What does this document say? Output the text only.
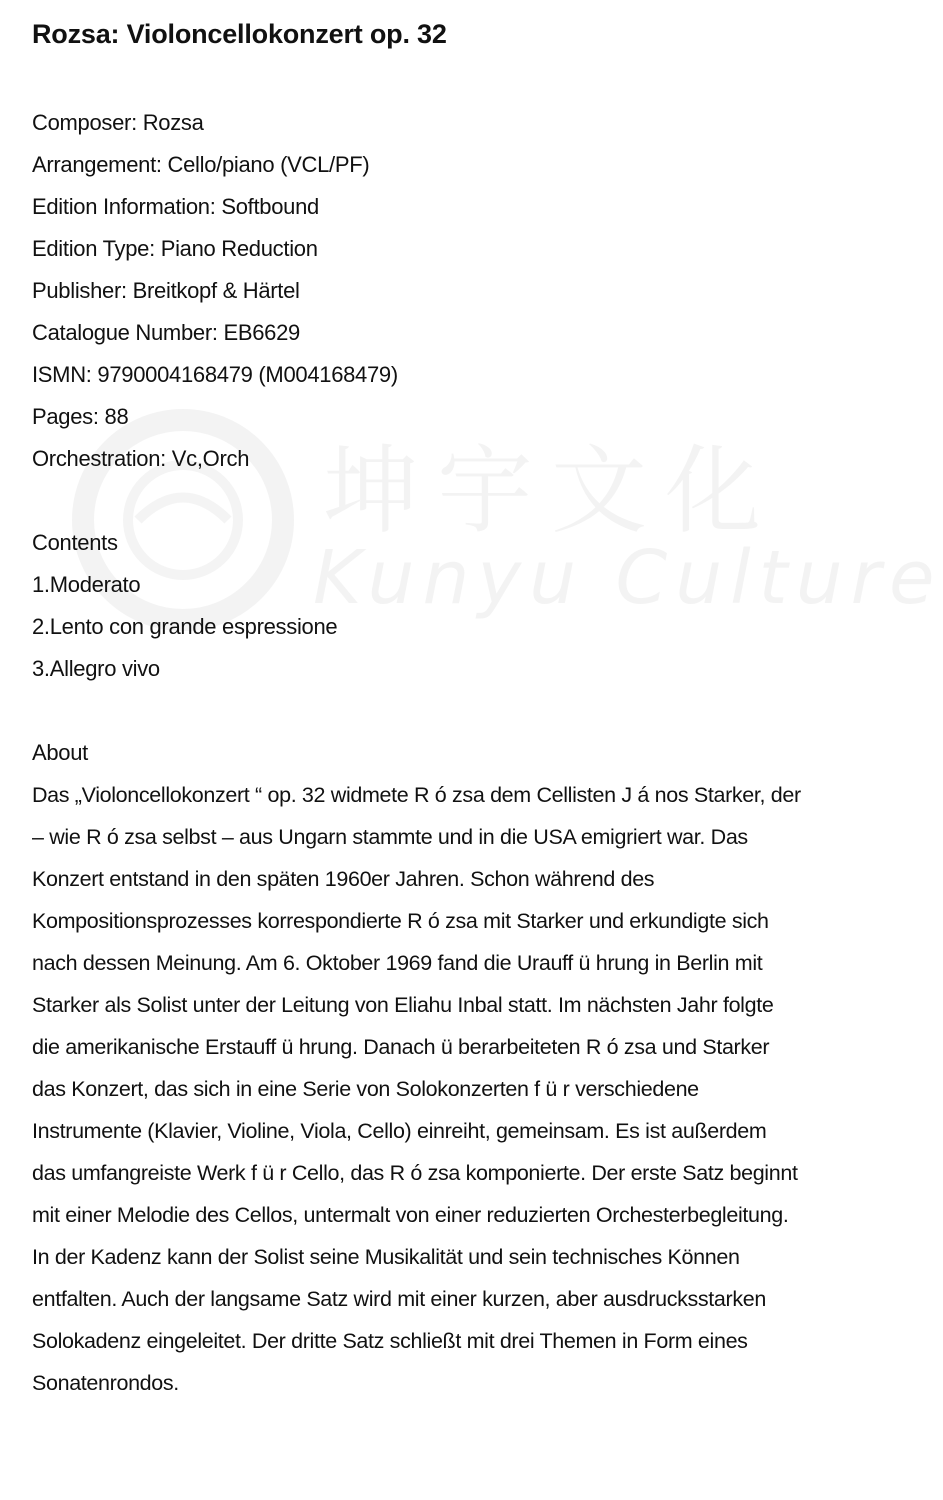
坤宇文化
Kunyu Culture
Rozsa: Violoncellokonzert op. 32
Composer: Rozsa
Arrangement: Cello/piano (VCL/PF)
Edition Information: Softbound
Edition Type: Piano Reduction
Publisher: Breitkopf & Härtel
Catalogue Number: EB6629
ISMN: 9790004168479 (M004168479)
Pages: 88
Orchestration: Vc,Orch
Contents
1.Moderato
2.Lento con grande espressione
3.Allegro vivo
About

Das „Violoncellokonzert “ op. 32 widmete R ó zsa dem Cellisten J á nos Starker, der – wie R ó zsa selbst – aus Ungarn stammte und in die USA emigriert war. Das Konzert entstand in den späten 1960er Jahren. Schon während des Kompositionsprozesses korrespondierte R ó zsa mit Starker und erkundigte sich nach dessen Meinung. Am 6. Oktober 1969 fand die Urauff ü hrung in Berlin mit Starker als Solist unter der Leitung von Eliahu Inbal statt. Im nächsten Jahr folgte die amerikanische Erstauff ü hrung. Danach ü berarbeiteten R ó zsa und Starker das Konzert, das sich in eine Serie von Solokonzerten f ü r verschiedene Instrumente (Klavier, Violine, Viola, Cello) einreiht, gemeinsam. Es ist außerdem das umfangreiste Werk f ü r Cello, das R ó zsa komponierte. Der erste Satz beginnt mit einer Melodie des Cellos, untermalt von einer reduzierten Orchesterbegleitung. In der Kadenz kann der Solist seine Musikalität und sein technisches Können entfalten. Auch der langsame Satz wird mit einer kurzen, aber ausdrucksstarken Solokadenz eingeleitet. Der dritte Satz schließt mit drei Themen in Form eines Sonatenrondos.
